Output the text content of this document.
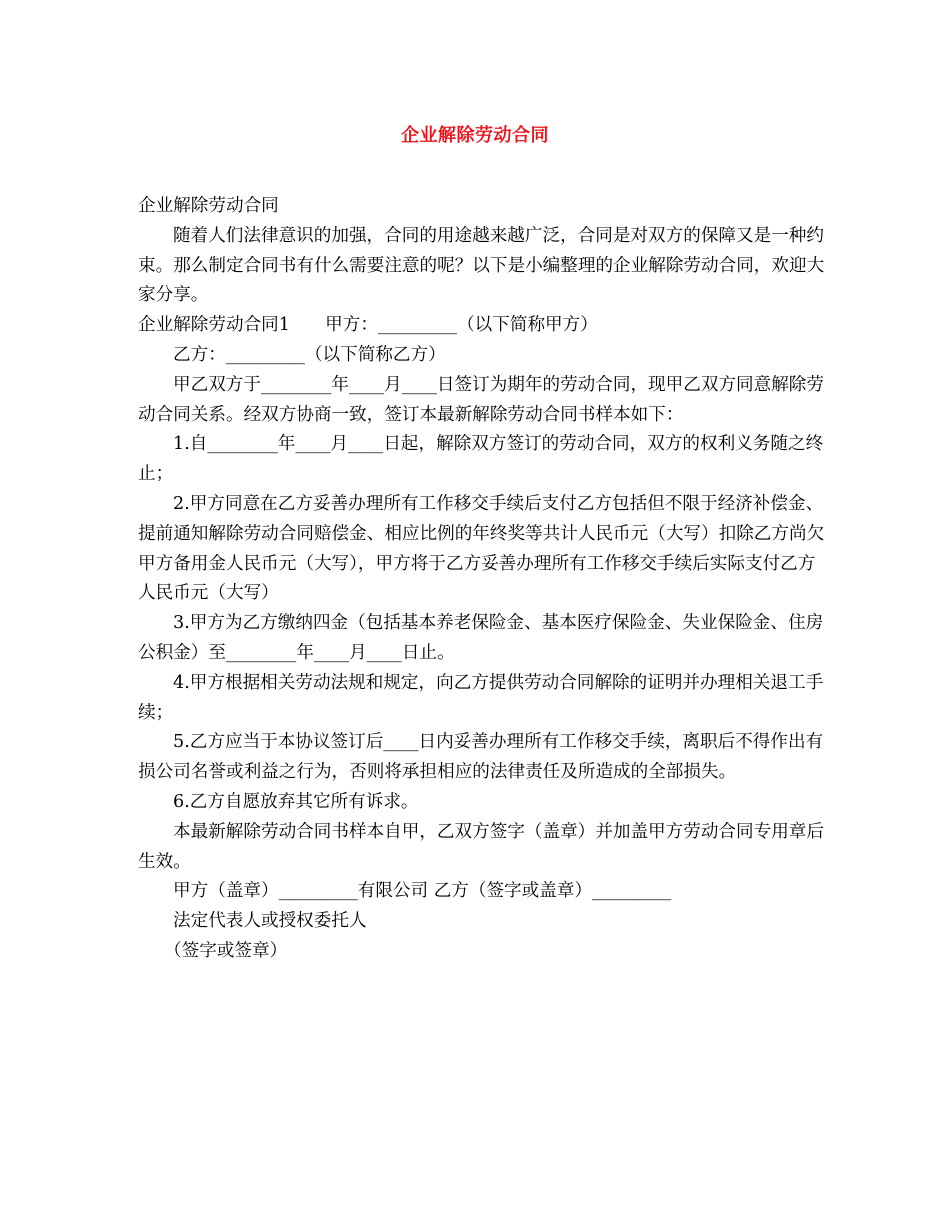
企业解除劳动合同

企业解除劳动合同

随着人们法律意识的加强，合同的用途越来越广泛，合同是对双方的保障又是一种约束。那么制定合同书有什么需要注意的呢？以下是小编整理的企业解除劳动合同，欢迎大家分享。

企业解除劳动合同1　　甲方：_________（以下简称甲方）

乙方：_________（以下简称乙方）

甲乙双方于________年____月____日签订为期年的劳动合同，现甲乙双方同意解除劳动合同关系。经双方协商一致，签订本最新解除劳动合同书样本如下：

1.自________年____月____日起，解除双方签订的劳动合同，双方的权利义务随之终止；

2.甲方同意在乙方妥善办理所有工作移交手续后支付乙方包括但不限于经济补偿金、提前通知解除劳动合同赔偿金、相应比例的年终奖等共计人民币元（大写）扣除乙方尚欠甲方备用金人民币元（大写），甲方将于乙方妥善办理所有工作移交手续后实际支付乙方人民币元（大写）

3.甲方为乙方缴纳四金（包括基本养老保险金、基本医疗保险金、失业保险金、住房公积金）至________年____月____日止。

4.甲方根据相关劳动法规和规定，向乙方提供劳动合同解除的证明并办理相关退工手续；

5.乙方应当于本协议签订后____日内妥善办理所有工作移交手续，离职后不得作出有损公司名誉或利益之行为，否则将承担相应的法律责任及所造成的全部损失。

6.乙方自愿放弃其它所有诉求。

本最新解除劳动合同书样本自甲，乙双方签字（盖章）并加盖甲方劳动合同专用章后生效。

甲方（盖章）_________有限公司 乙方（签字或盖章）_________

法定代表人或授权委托人

（签字或签章）
